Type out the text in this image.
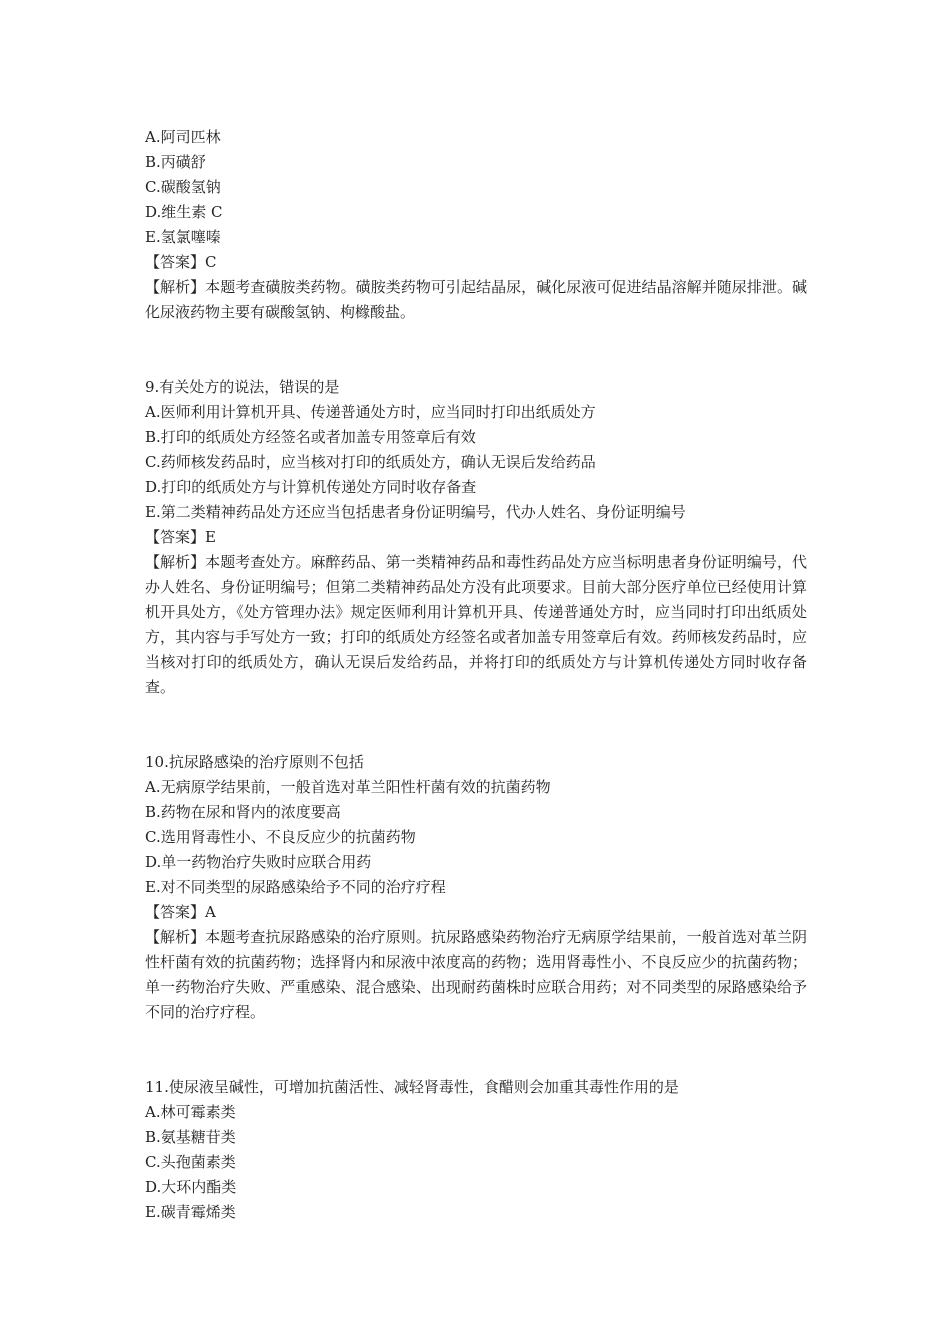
A.阿司匹林
B.丙磺舒
C.碳酸氢钠
D.维生素 C
E.氢氯噻嗪
【答案】C
【解析】本题考查磺胺类药物。磺胺类药物可引起结晶尿，碱化尿液可促进结晶溶解并随尿排泄。碱化尿液药物主要有碳酸氢钠、枸橼酸盐。
9.有关处方的说法，错误的是
A.医师利用计算机开具、传递普通处方时，应当同时打印出纸质处方
B.打印的纸质处方经签名或者加盖专用签章后有效
C.药师核发药品时，应当核对打印的纸质处方，确认无误后发给药品
D.打印的纸质处方与计算机传递处方同时收存备查
E.第二类精神药品处方还应当包括患者身份证明编号，代办人姓名、身份证明编号
【答案】E
【解析】本题考查处方。麻醉药品、第一类精神药品和毒性药品处方应当标明患者身份证明编号，代办人姓名、身份证明编号；但第二类精神药品处方没有此项要求。目前大部分医疗单位已经使用计算机开具处方，《处方管理办法》规定医师利用计算机开具、传递普通处方时，应当同时打印出纸质处方，其内容与手写处方一致；打印的纸质处方经签名或者加盖专用签章后有效。药师核发药品时，应当核对打印的纸质处方，确认无误后发给药品，并将打印的纸质处方与计算机传递处方同时收存备查。
10.抗尿路感染的治疗原则不包括
A.无病原学结果前，一般首选对革兰阳性杆菌有效的抗菌药物
B.药物在尿和肾内的浓度要高
C.选用肾毒性小、不良反应少的抗菌药物
D.单一药物治疗失败时应联合用药
E.对不同类型的尿路感染给予不同的治疗疗程
【答案】A
【解析】本题考查抗尿路感染的治疗原则。抗尿路感染药物治疗无病原学结果前，一般首选对革兰阴性杆菌有效的抗菌药物；选择肾内和尿液中浓度高的药物；选用肾毒性小、不良反应少的抗菌药物；单一药物治疗失败、严重感染、混合感染、出现耐药菌株时应联合用药；对不同类型的尿路感染给予不同的治疗疗程。
11.使尿液呈碱性，可增加抗菌活性、减轻肾毒性，食醋则会加重其毒性作用的是
A.林可霉素类
B.氨基糖苷类
C.头孢菌素类
D.大环内酯类
E.碳青霉烯类
